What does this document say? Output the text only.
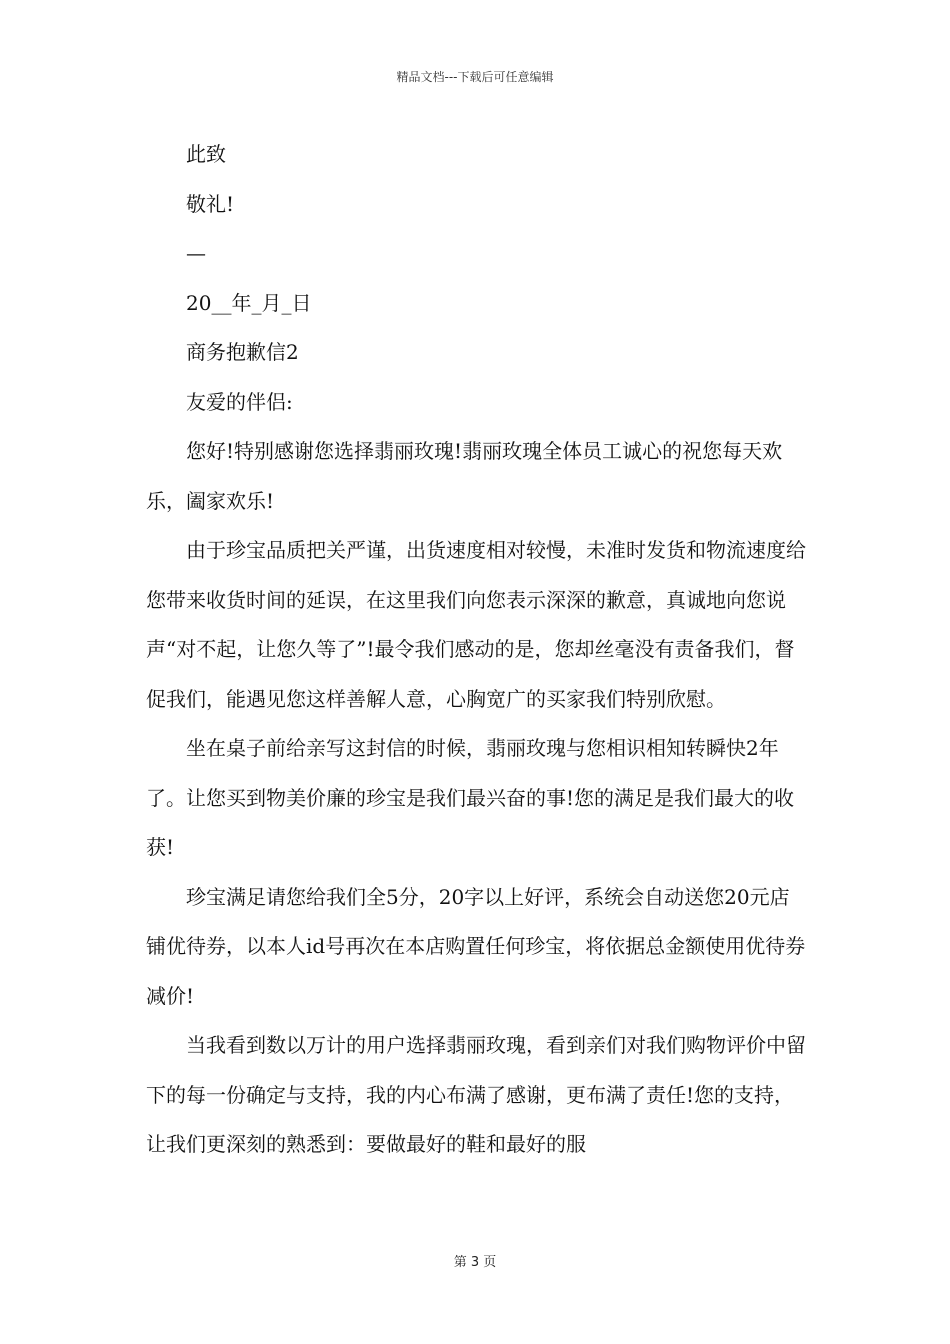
精品文档---下载后可任意编辑

此致

敬礼!

—

20__年_月_日

商务抱歉信2

友爱的伴侣:

您好!特别感谢您选择翡丽玫瑰!翡丽玫瑰全体员工诚心的祝您每天欢乐，阖家欢乐!

由于珍宝品质把关严谨，出货速度相对较慢，未准时发货和物流速度给您带来收货时间的延误，在这里我们向您表示深深的歉意，真诚地向您说声“对不起，让您久等了”!最令我们感动的是，您却丝毫没有责备我们，督促我们，能遇见您这样善解人意，心胸宽广的买家我们特别欣慰。

坐在桌子前给亲写这封信的时候，翡丽玫瑰与您相识相知转瞬快2年了。让您买到物美价廉的珍宝是我们最兴奋的事!您的满足是我们最大的收获!

珍宝满足请您给我们全5分，20字以上好评，系统会自动送您20元店铺优待券，以本人id号再次在本店购置任何珍宝，将依据总金额使用优待券减价!

当我看到数以万计的用户选择翡丽玫瑰，看到亲们对我们购物评价中留下的每一份确定与支持，我的内心布满了感谢，更布满了责任!您的支持，让我们更深刻的熟悉到：要做最好的鞋和最好的服

第 3 页
